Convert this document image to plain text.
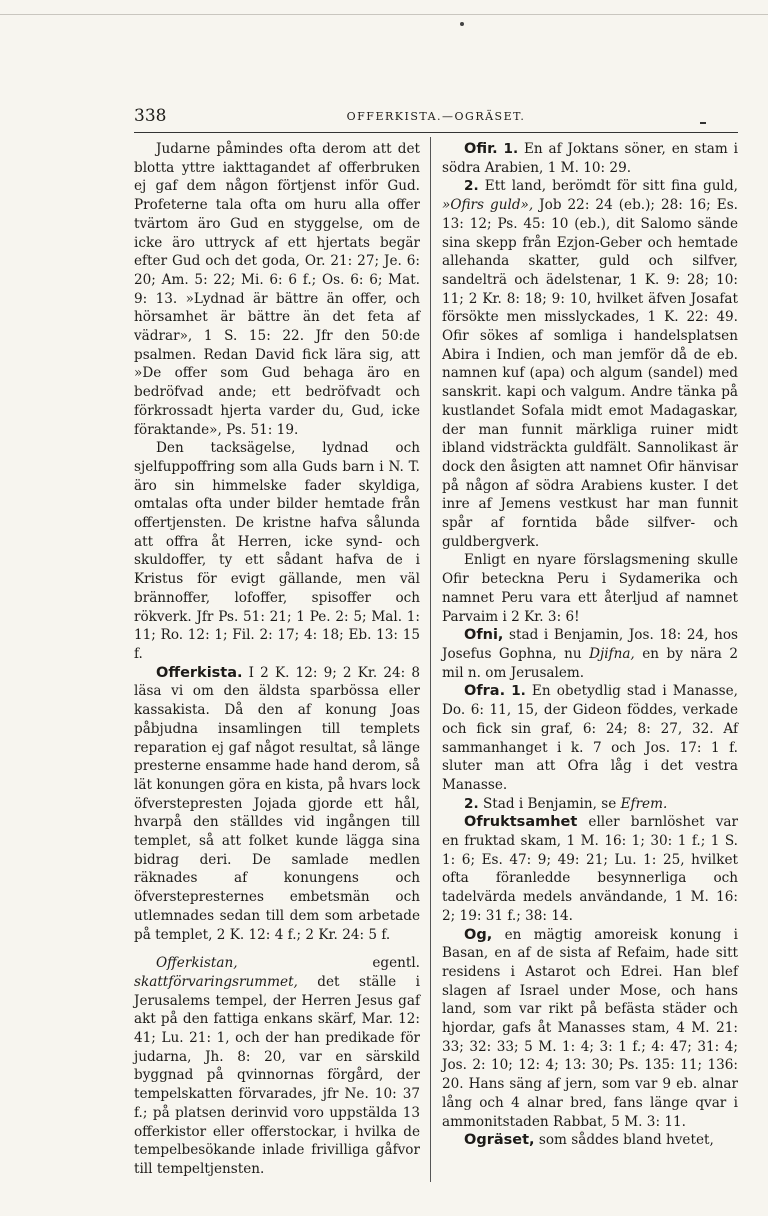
338	OFFERKISTA.—OGRÄSET.

Judarne påmindes ofta derom att det blotta yttre iakttagandet af offerbruken ej gaf dem någon förtjenst inför Gud. Profeterne tala ofta om huru alla offer tvärtom äro Gud en styggelse, om de icke äro uttryck af ett hjertats begär efter Gud och det goda, Or. 21: 27; Je. 6: 20; Am. 5: 22; Mi. 6: 6 f.; Os. 6: 6; Mat. 9: 13. »Lydnad är bättre än offer, och hörsamhet är bättre än det feta af vädrar», 1 S. 15: 22. Jfr den 50:de psalmen. Redan David fick lära sig, att »De offer som Gud behaga äro en bedröfvad ande; ett bedröfvadt och förkrossadt hjerta varder du, Gud, icke föraktande», Ps. 51: 19.

Den tacksägelse, lydnad och sjelfuppoffring som alla Guds barn i N. T. äro sin himmelske fader skyldiga, omtalas ofta under bilder hemtade från offertjensten. De kristne hafva sålunda att offra åt Herren, icke synd- och skuldoffer, ty ett sådant hafva de i Kristus för evigt gällande, men väl brännoffer, lofoffer, spisoffer och rökverk. Jfr Ps. 51: 21; 1 Pe. 2: 5; Mal. 1: 11; Ro. 12: 1; Fil. 2: 17; 4: 18; Eb. 13: 15 f.

Offerkista. I 2 K. 12: 9; 2 Kr. 24: 8 läsa vi om den äldsta sparbössa eller kassakista. Då den af konung Joas påbjudna insamlingen till templets reparation ej gaf något resultat, så länge presterne ensamme hade hand derom, så lät konungen göra en kista, på hvars lock öfverstepresten Jojada gjorde ett hål, hvarpå den ställdes vid ingången till templet, så att folket kunde lägga sina bidrag deri. De samlade medlen räknades af konungens och öfverstepresternes embetsmän och utlemnades sedan till dem som arbetade på templet, 2 K. 12: 4 f.; 2 Kr. 24: 5 f.

Offerkistan, egentl. skattförvaringsrummet, det ställe i Jerusalems tempel, der Herren Jesus gaf akt på den fattiga enkans skärf, Mar. 12: 41; Lu. 21: 1, och der han predikade för judarna, Jh. 8: 20, var en särskild byggnad på qvinnornas förgård, der tempelskatten förvarades, jfr Ne. 10: 37 f.; på platsen derinvid voro uppstälda 13 offerkistor eller offerstockar, i hvilka de tempelbesökande inlade frivilliga gåfvor till tempeltjensten.

Ofir. 1. En af Joktans söner, en stam i södra Arabien, 1 M. 10: 29.

2. Ett land, berömdt för sitt fina guld, »Ofirs guld», Job 22: 24 (eb.); 28: 16; Es. 13: 12; Ps. 45: 10 (eb.), dit Salomo sände sina skepp från Ezjon-Geber och hemtade allehanda skatter, guld och silfver, sandelträ och ädelstenar, 1 K. 9: 28; 10: 11; 2 Kr. 8: 18; 9: 10, hvilket äfven Josafat försökte men misslyckades, 1 K. 22: 49. Ofir sökes af somliga i handelsplatsen Abira i Indien, och man jemför då de eb. namnen kuf (apa) och algum (sandel) med sanskrit. kapi och valgum. Andre tänka på kustlandet Sofala midt emot Madagaskar, der man funnit märkliga ruiner midt ibland vidsträckta guldfält. Sannolikast är dock den åsigten att namnet Ofir hänvisar på någon af södra Arabiens kuster. I det inre af Jemens vestkust har man funnit spår af forntida både silfver- och guldbergverk.

Enligt en nyare förslagsmening skulle Ofir beteckna Peru i Sydamerika och namnet Peru vara ett återljud af namnet Parvaim i 2 Kr. 3: 6!

Ofni, stad i Benjamin, Jos. 18: 24, hos Josefus Gophna, nu Djifna, en by nära 2 mil n. om Jerusalem.

Ofra. 1. En obetydlig stad i Manasse, Do. 6: 11, 15, der Gideon föddes, verkade och fick sin graf, 6: 24; 8: 27, 32. Af sammanhanget i k. 7 och Jos. 17: 1 f. sluter man att Ofra låg i det vestra Manasse.

2. Stad i Benjamin, se Efrem.

Ofruktsamhet eller barnlöshet var en fruktad skam, 1 M. 16: 1; 30: 1 f.; 1 S. 1: 6; Es. 47: 9; 49: 21; Lu. 1: 25, hvilket ofta föranledde besynnerliga och tadelvärda medels användande, 1 M. 16: 2; 19: 31 f.; 38: 14.

Og, en mägtig amoreisk konung i Basan, en af de sista af Refaim, hade sitt residens i Astarot och Edrei. Han blef slagen af Israel under Mose, och hans land, som var rikt på befästa städer och hjordar, gafs åt Manasses stam, 4 M. 21: 33; 32: 33; 5 M. 1: 4; 3: 1 f.; 4: 47; 31: 4; Jos. 2: 10; 12: 4; 13: 30; Ps. 135: 11; 136: 20. Hans säng af jern, som var 9 eb. alnar lång och 4 alnar bred, fans länge qvar i ammonitstaden Rabbat, 5 M. 3: 11.

Ogräset, som såddes bland hvetet,
